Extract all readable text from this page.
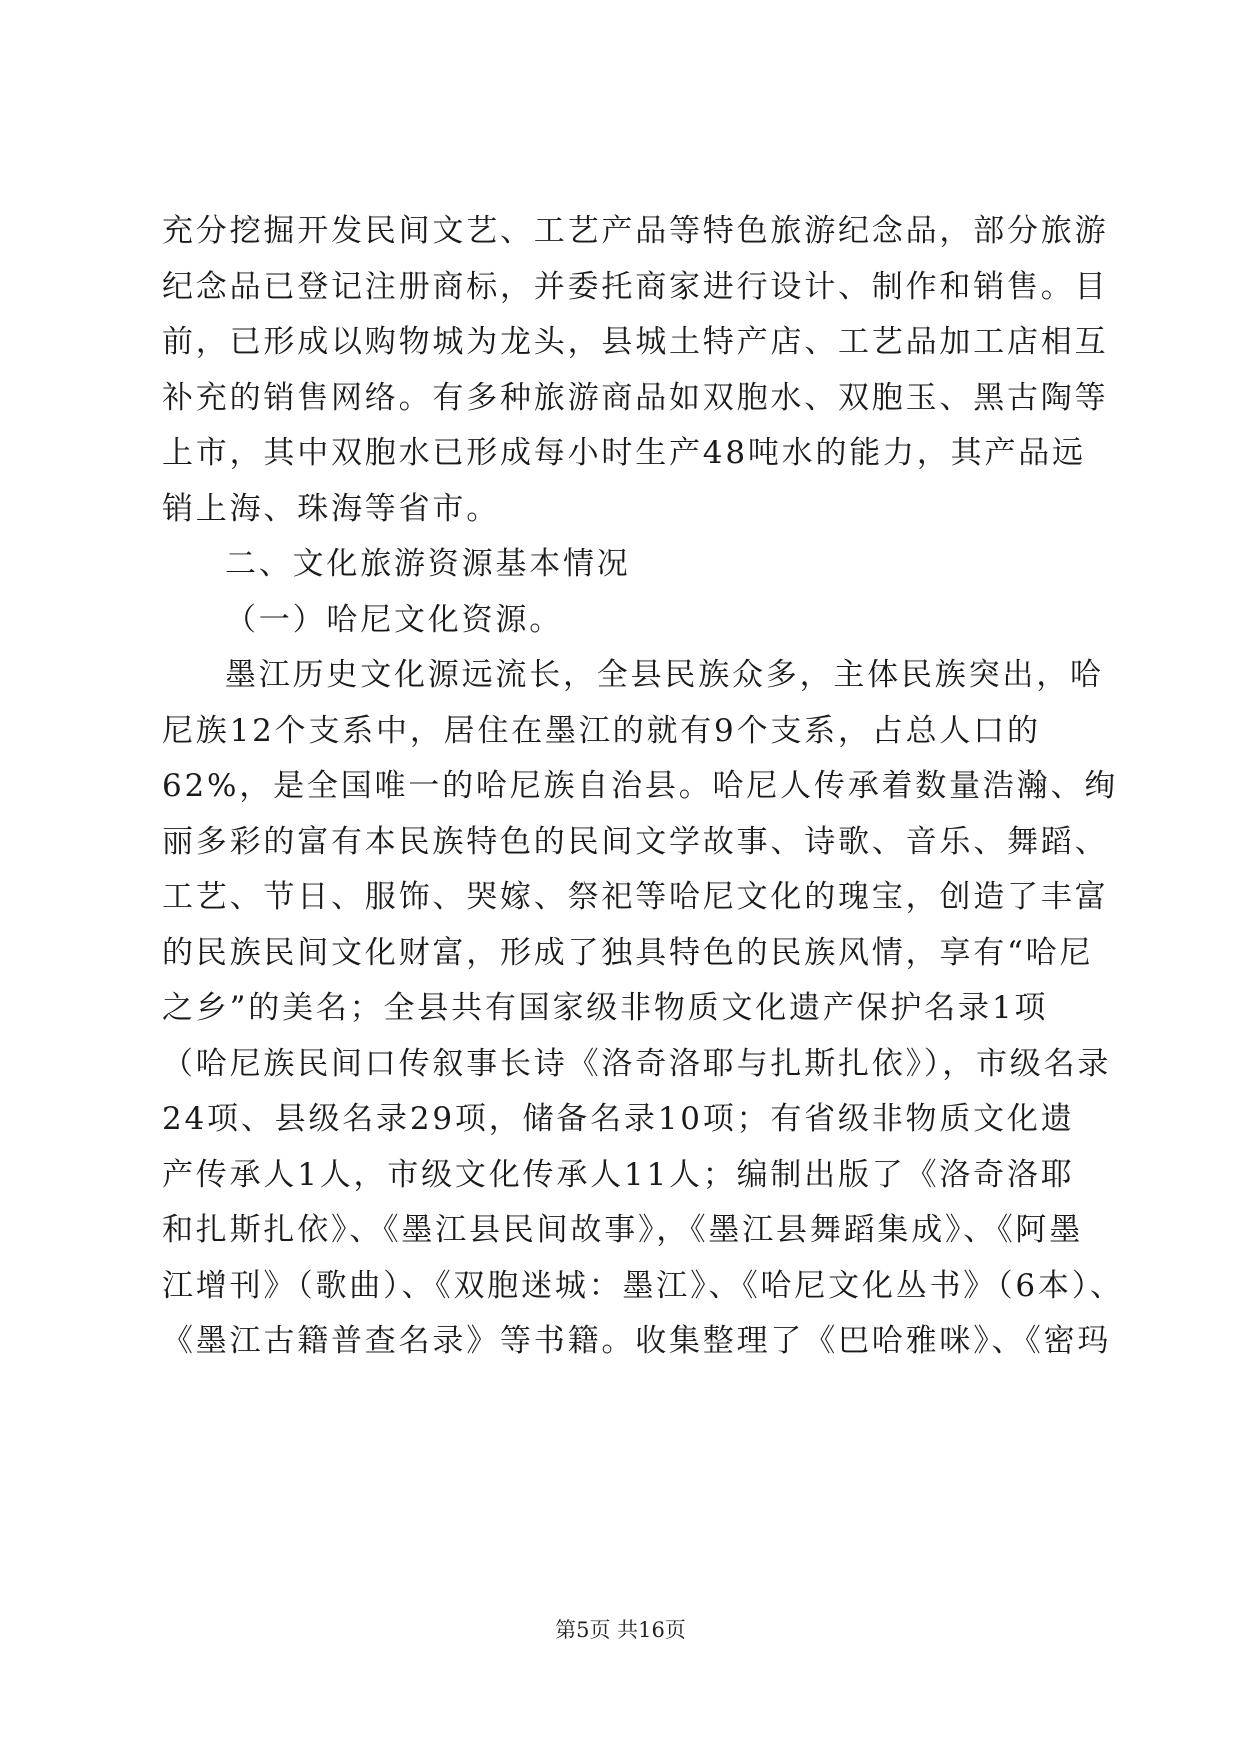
充分挖掘开发民间文艺、工艺产品等特色旅游纪念品，部分旅游
纪念品已登记注册商标，并委托商家进行设计、制作和销售。目
前，已形成以购物城为龙头，县城土特产店、工艺品加工店相互
补充的销售网络。有多种旅游商品如双胞水、双胞玉、黑古陶等
上市，其中双胞水已形成每小时生产48吨水的能力，其产品远
销上海、珠海等省市。
二、文化旅游资源基本情况
（一）哈尼文化资源。
墨江历史文化源远流长，全县民族众多，主体民族突出，哈
尼族12个支系中，居住在墨江的就有9个支系，占总人口的
62%，是全国唯一的哈尼族自治县。哈尼人传承着数量浩瀚、绚
丽多彩的富有本民族特色的民间文学故事、诗歌、音乐、舞蹈、
工艺、节日、服饰、哭嫁、祭祀等哈尼文化的瑰宝，创造了丰富
的民族民间文化财富，形成了独具特色的民族风情，享有“哈尼
之乡”的美名；全县共有国家级非物质文化遗产保护名录1项
（哈尼族民间口传叙事长诗《洛奇洛耶与扎斯扎依》），市级名录
24项、县级名录29项，储备名录10项；有省级非物质文化遗
产传承人1人，市级文化传承人11人；编制出版了《洛奇洛耶
和扎斯扎依》、《墨江县民间故事》，《墨江县舞蹈集成》、《阿墨
江增刊》（歌曲）、《双胞迷城：墨江》、《哈尼文化丛书》（6本）、
《墨江古籍普查名录》等书籍。收集整理了《巴哈雅咪》、《密玛
第5页 共16页
